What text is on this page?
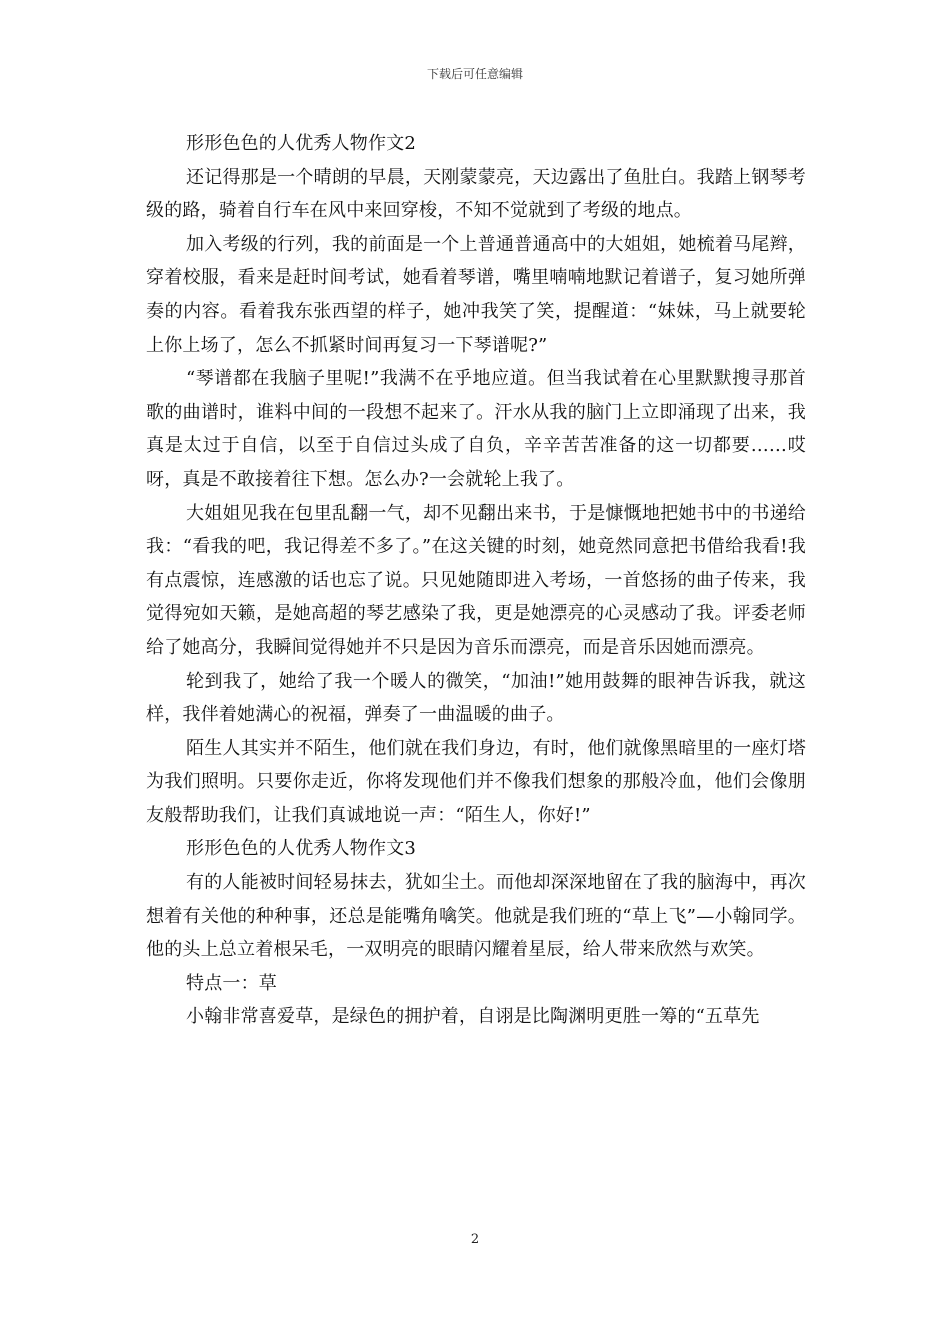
下载后可任意编辑

形形色色的人优秀人物作文2

还记得那是一个晴朗的早晨，天刚蒙蒙亮，天边露出了鱼肚白。我踏上钢琴考级的路，骑着自行车在风中来回穿梭，不知不觉就到了考级的地点。

加入考级的行列，我的前面是一个上普通普通高中的大姐姐，她梳着马尾辫，穿着校服，看来是赶时间考试，她看着琴谱，嘴里喃喃地默记着谱子，复习她所弹奏的内容。看着我东张西望的样子，她冲我笑了笑，提醒道：“妹妹，马上就要轮上你上场了，怎么不抓紧时间再复习一下琴谱呢?”

“琴谱都在我脑子里呢!”我满不在乎地应道。但当我试着在心里默默搜寻那首歌的曲谱时，谁料中间的一段想不起来了。汗水从我的脑门上立即涌现了出来，我真是太过于自信，以至于自信过头成了自负，辛辛苦苦准备的这一切都要……哎呀，真是不敢接着往下想。怎么办?一会就轮上我了。

大姐姐见我在包里乱翻一气，却不见翻出来书，于是慷慨地把她书中的书递给我：“看我的吧，我记得差不多了。”在这关键的时刻，她竟然同意把书借给我看!我有点震惊，连感激的话也忘了说。只见她随即进入考场，一首悠扬的曲子传来，我觉得宛如天籁，是她高超的琴艺感染了我，更是她漂亮的心灵感动了我。评委老师给了她高分，我瞬间觉得她并不只是因为音乐而漂亮，而是音乐因她而漂亮。

轮到我了，她给了我一个暖人的微笑，“加油!”她用鼓舞的眼神告诉我，就这样，我伴着她满心的祝福，弹奏了一曲温暖的曲子。

陌生人其实并不陌生，他们就在我们身边，有时，他们就像黑暗里的一座灯塔为我们照明。只要你走近，你将发现他们并不像我们想象的那般冷血，他们会像朋友般帮助我们，让我们真诚地说一声：“陌生人，你好!”

形形色色的人优秀人物作文3

有的人能被时间轻易抹去，犹如尘土。而他却深深地留在了我的脑海中，再次想着有关他的种种事，还总是能嘴角噙笑。他就是我们班的“草上飞”—小翰同学。他的头上总立着根呆毛，一双明亮的眼睛闪耀着星辰，给人带来欣然与欢笑。

特点一：草

小翰非常喜爱草，是绿色的拥护着，自诩是比陶渊明更胜一筹的“五草先

2
